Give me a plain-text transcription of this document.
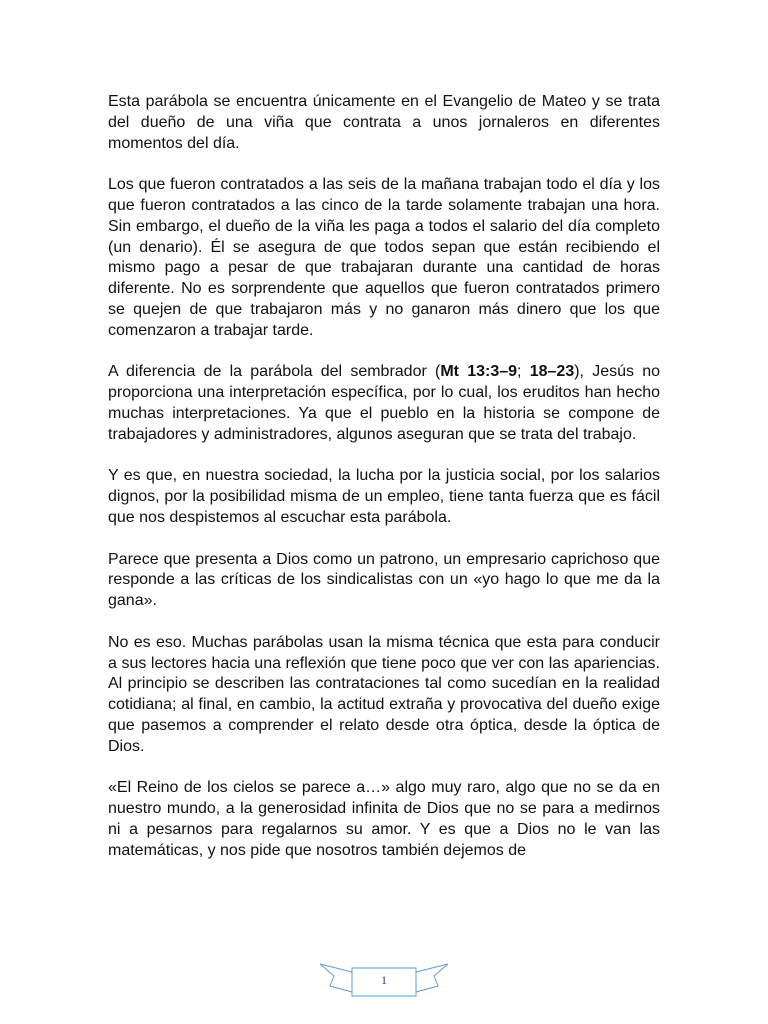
Esta parábola se encuentra únicamente en el Evangelio de Mateo y se trata del dueño de una viña que contrata a unos jornaleros en diferentes momentos del día.

Los que fueron contratados a las seis de la mañana trabajan todo el día y los que fueron contratados a las cinco de la tarde solamente trabajan una hora. Sin embargo, el dueño de la viña les paga a todos el salario del día completo (un denario). Él se asegura de que todos sepan que están recibiendo el mismo pago a pesar de que trabajaran durante una cantidad de horas diferente. No es sorprendente que aquellos que fueron contratados primero se quejen de que trabajaron más y no ganaron más dinero que los que comenzaron a trabajar tarde.

A diferencia de la parábola del sembrador (Mt 13:3–9; 18–23), Jesús no proporciona una interpretación específica, por lo cual, los eruditos han hecho muchas interpretaciones. Ya que el pueblo en la historia se compone de trabajadores y administradores, algunos aseguran que se trata del trabajo.

Y es que, en nuestra sociedad, la lucha por la justicia social, por los salarios dignos, por la posibilidad misma de un empleo, tiene tanta fuerza que es fácil que nos despistemos al escuchar esta parábola.

Parece que presenta a Dios como un patrono, un empresario caprichoso que responde a las críticas de los sindicalistas con un «yo hago lo que me da la gana».

No es eso. Muchas parábolas usan la misma técnica que esta para conducir a sus lectores hacia una reflexión que tiene poco que ver con las apariencias. Al principio se describen las contrataciones tal como sucedían en la realidad cotidiana; al final, en cambio, la actitud extraña y provocativa del dueño exige que pasemos a comprender el relato desde otra óptica, desde la óptica de Dios.

«El Reino de los cielos se parece a…» algo muy raro, algo que no se da en nuestro mundo, a la generosidad infinita de Dios que no se para a medirnos ni a pesarnos para regalarnos su amor. Y es que a Dios no le van las matemáticas, y nos pide que nosotros también dejemos de

1
